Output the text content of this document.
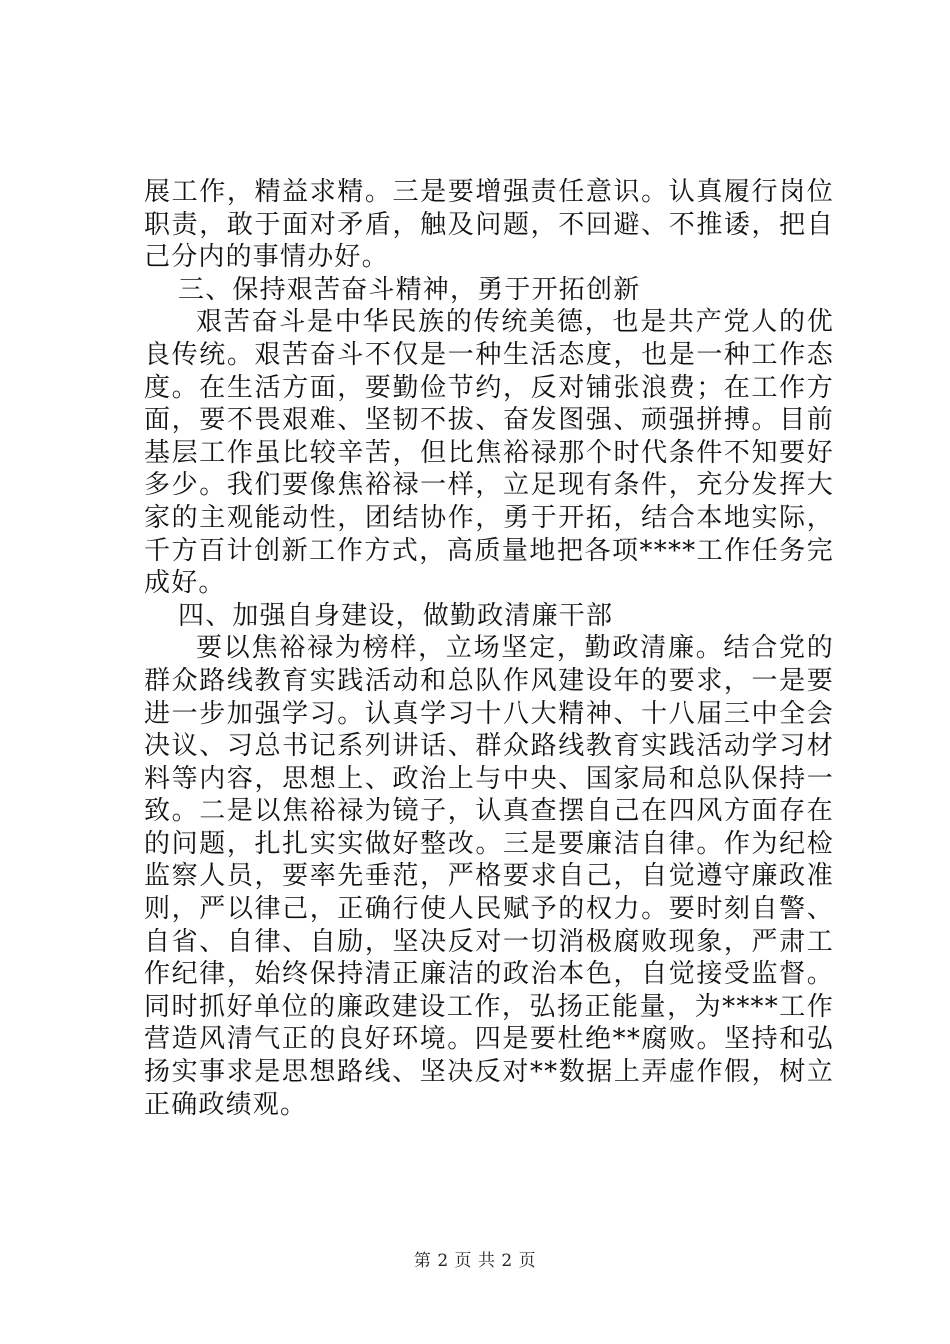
展工作，精益求精。三是要增强责任意识。认真履行岗位职责，敢于面对矛盾，触及问题，不回避、不推诿，把自己分内的事情办好。

三、保持艰苦奋斗精神，勇于开拓创新

艰苦奋斗是中华民族的传统美德，也是共产党人的优良传统。艰苦奋斗不仅是一种生活态度，也是一种工作态度。在生活方面，要勤俭节约，反对铺张浪费；在工作方面，要不畏艰难、坚韧不拔、奋发图强、顽强拼搏。目前基层工作虽比较辛苦，但比焦裕禄那个时代条件不知要好多少。我们要像焦裕禄一样，立足现有条件，充分发挥大家的主观能动性，团结协作，勇于开拓，结合本地实际，千方百计创新工作方式，高质量地把各项****工作任务完成好。

四、加强自身建设，做勤政清廉干部

要以焦裕禄为榜样，立场坚定，勤政清廉。结合党的群众路线教育实践活动和总队作风建设年的要求，一是要进一步加强学习。认真学习十八大精神、十八届三中全会决议、习总书记系列讲话、群众路线教育实践活动学习材料等内容，思想上、政治上与中央、国家局和总队保持一致。二是以焦裕禄为镜子，认真查摆自己在四风方面存在的问题，扎扎实实做好整改。三是要廉洁自律。作为纪检监察人员，要率先垂范，严格要求自己，自觉遵守廉政准则，严以律己，正确行使人民赋予的权力。要时刻自警、自省、自律、自励，坚决反对一切消极腐败现象，严肃工作纪律，始终保持清正廉洁的政治本色，自觉接受监督。同时抓好单位的廉政建设工作，弘扬正能量，为****工作营造风清气正的良好环境。四是要杜绝**腐败。坚持和弘扬实事求是思想路线、坚决反对**数据上弄虚作假，树立正确政绩观。

第 2 页 共 2 页
